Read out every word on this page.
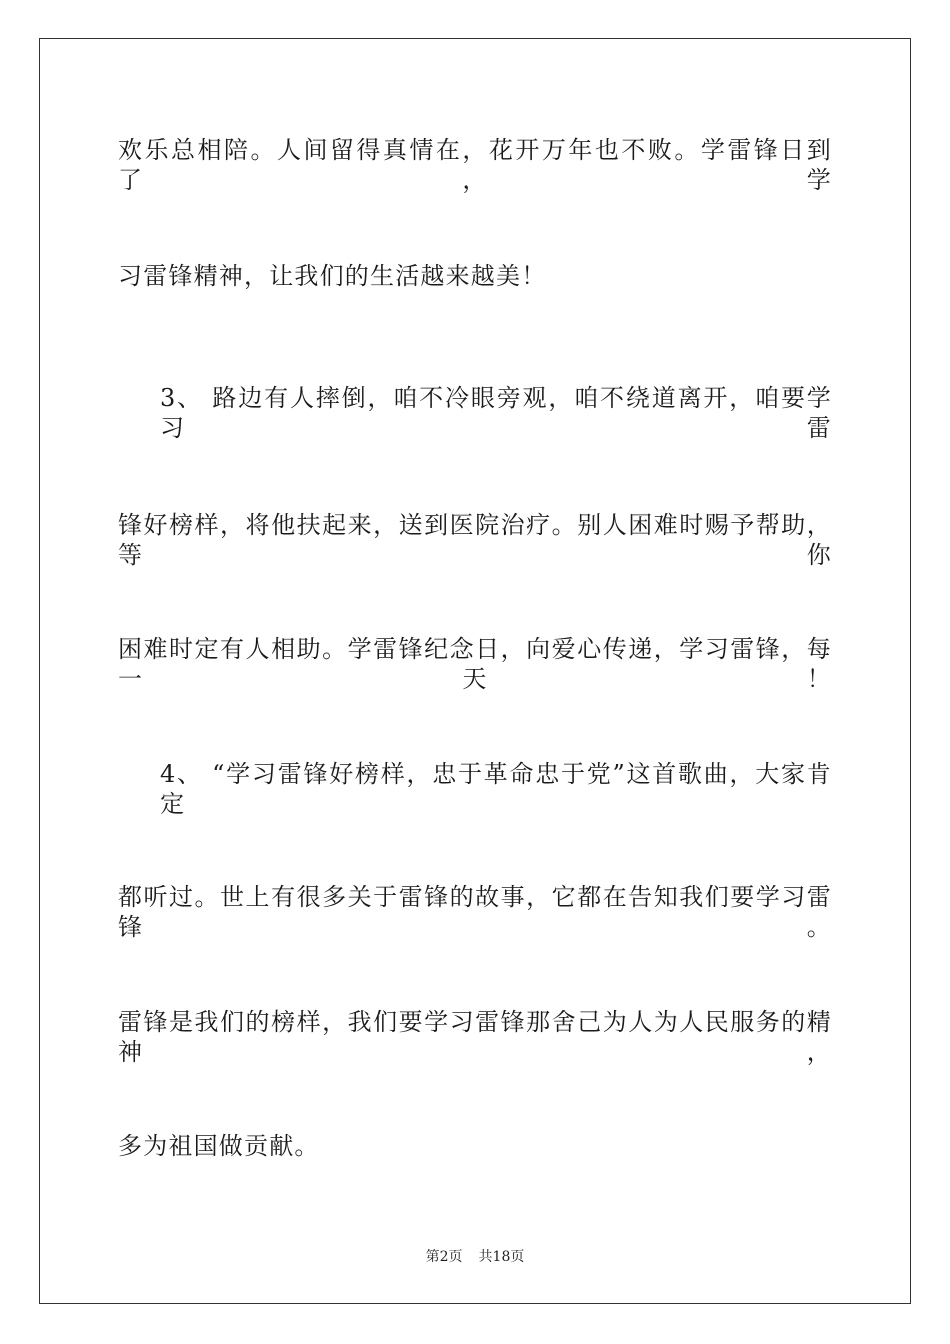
欢乐总相陪。人间留得真情在，花开万年也不败。学雷锋日到了，学
习雷锋精神，让我们的生活越来越美！
3、 路边有人摔倒，咱不冷眼旁观，咱不绕道离开，咱要学习雷
锋好榜样，将他扶起来，送到医院治疗。别人困难时赐予帮助，等你
困难时定有人相助。学雷锋纪念日，向爱心传递，学习雷锋，每一天！
4、 “学习雷锋好榜样，忠于革命忠于党”这首歌曲，大家肯定
都听过。世上有很多关于雷锋的故事，它都在告知我们要学习雷锋。
雷锋是我们的榜样，我们要学习雷锋那舍己为人为人民服务的精神，
多为祖国做贡献。
第2页 共18页
